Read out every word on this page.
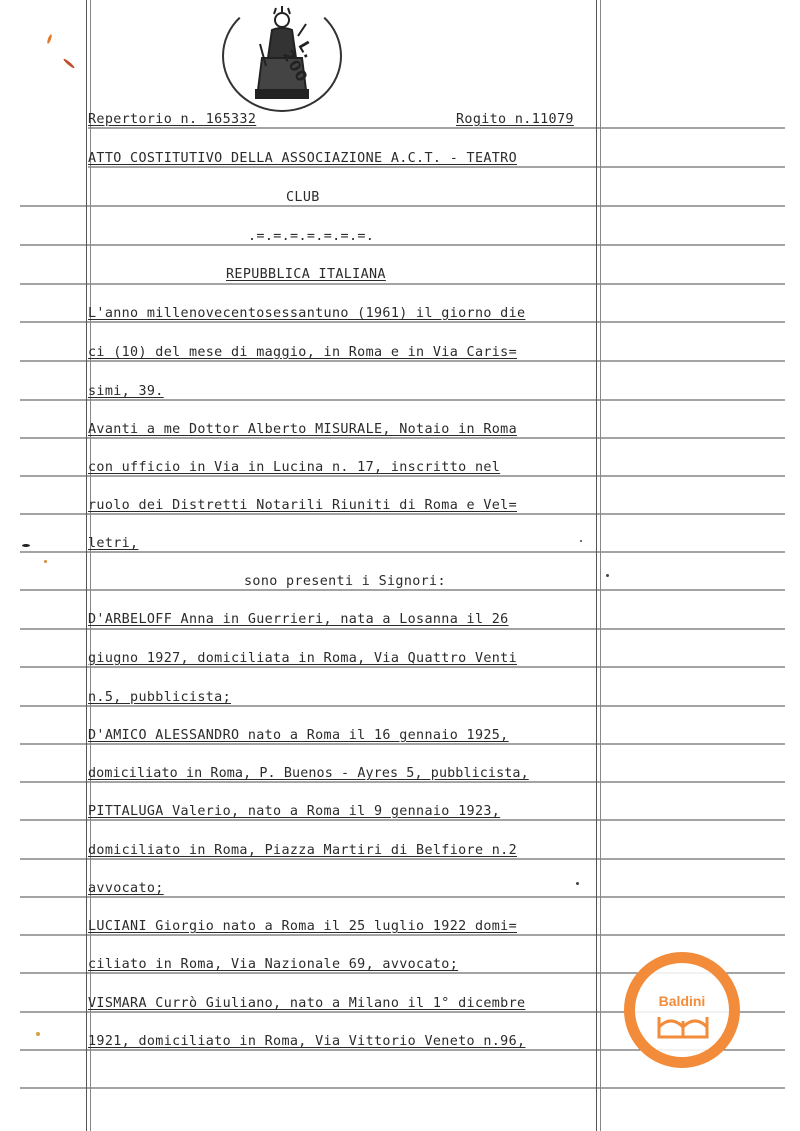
L. 200
Repertorio n. 165332	Rogito n.11079
ATTO COSTITUTIVO DELLA ASSOCIAZIONE A.C.T. - TEATRO
CLUB
.=.=.=.=.=.=.=.
REPUBBLICA ITALIANA
L'anno millenovecentosessantuno (1961) il giorno die
ci (10) del mese di maggio, in Roma e in Via Caris=
simi, 39.
Avanti a me Dottor Alberto MISURALE, Notaio in Roma
con ufficio in Via in Lucina n. 17, inscritto nel
ruolo dei Distretti Notarili Riuniti di Roma e Vel=
letri,
sono presenti i Signori:
D'ARBELOFF Anna in Guerrieri, nata a Losanna il 26
giugno 1927, domiciliata in Roma, Via Quattro Venti
n.5, pubblicista;
D'AMICO ALESSANDRO nato a Roma il 16 gennaio 1925,
domiciliato in Roma, P. Buenos - Ayres 5, pubblicista,
PITTALUGA Valerio, nato a Roma il 9 gennaio 1923,
domiciliato in Roma, Piazza Martiri di Belfiore n.2
avvocato;
LUCIANI Giorgio nato a Roma il 25 luglio 1922 domi=
ciliato in Roma, Via Nazionale 69, avvocato;
VISMARA Currò Giuliano, nato a Milano il 1° dicembre
1921, domiciliato in Roma, Via Vittorio Veneto n.96,
Baldini
